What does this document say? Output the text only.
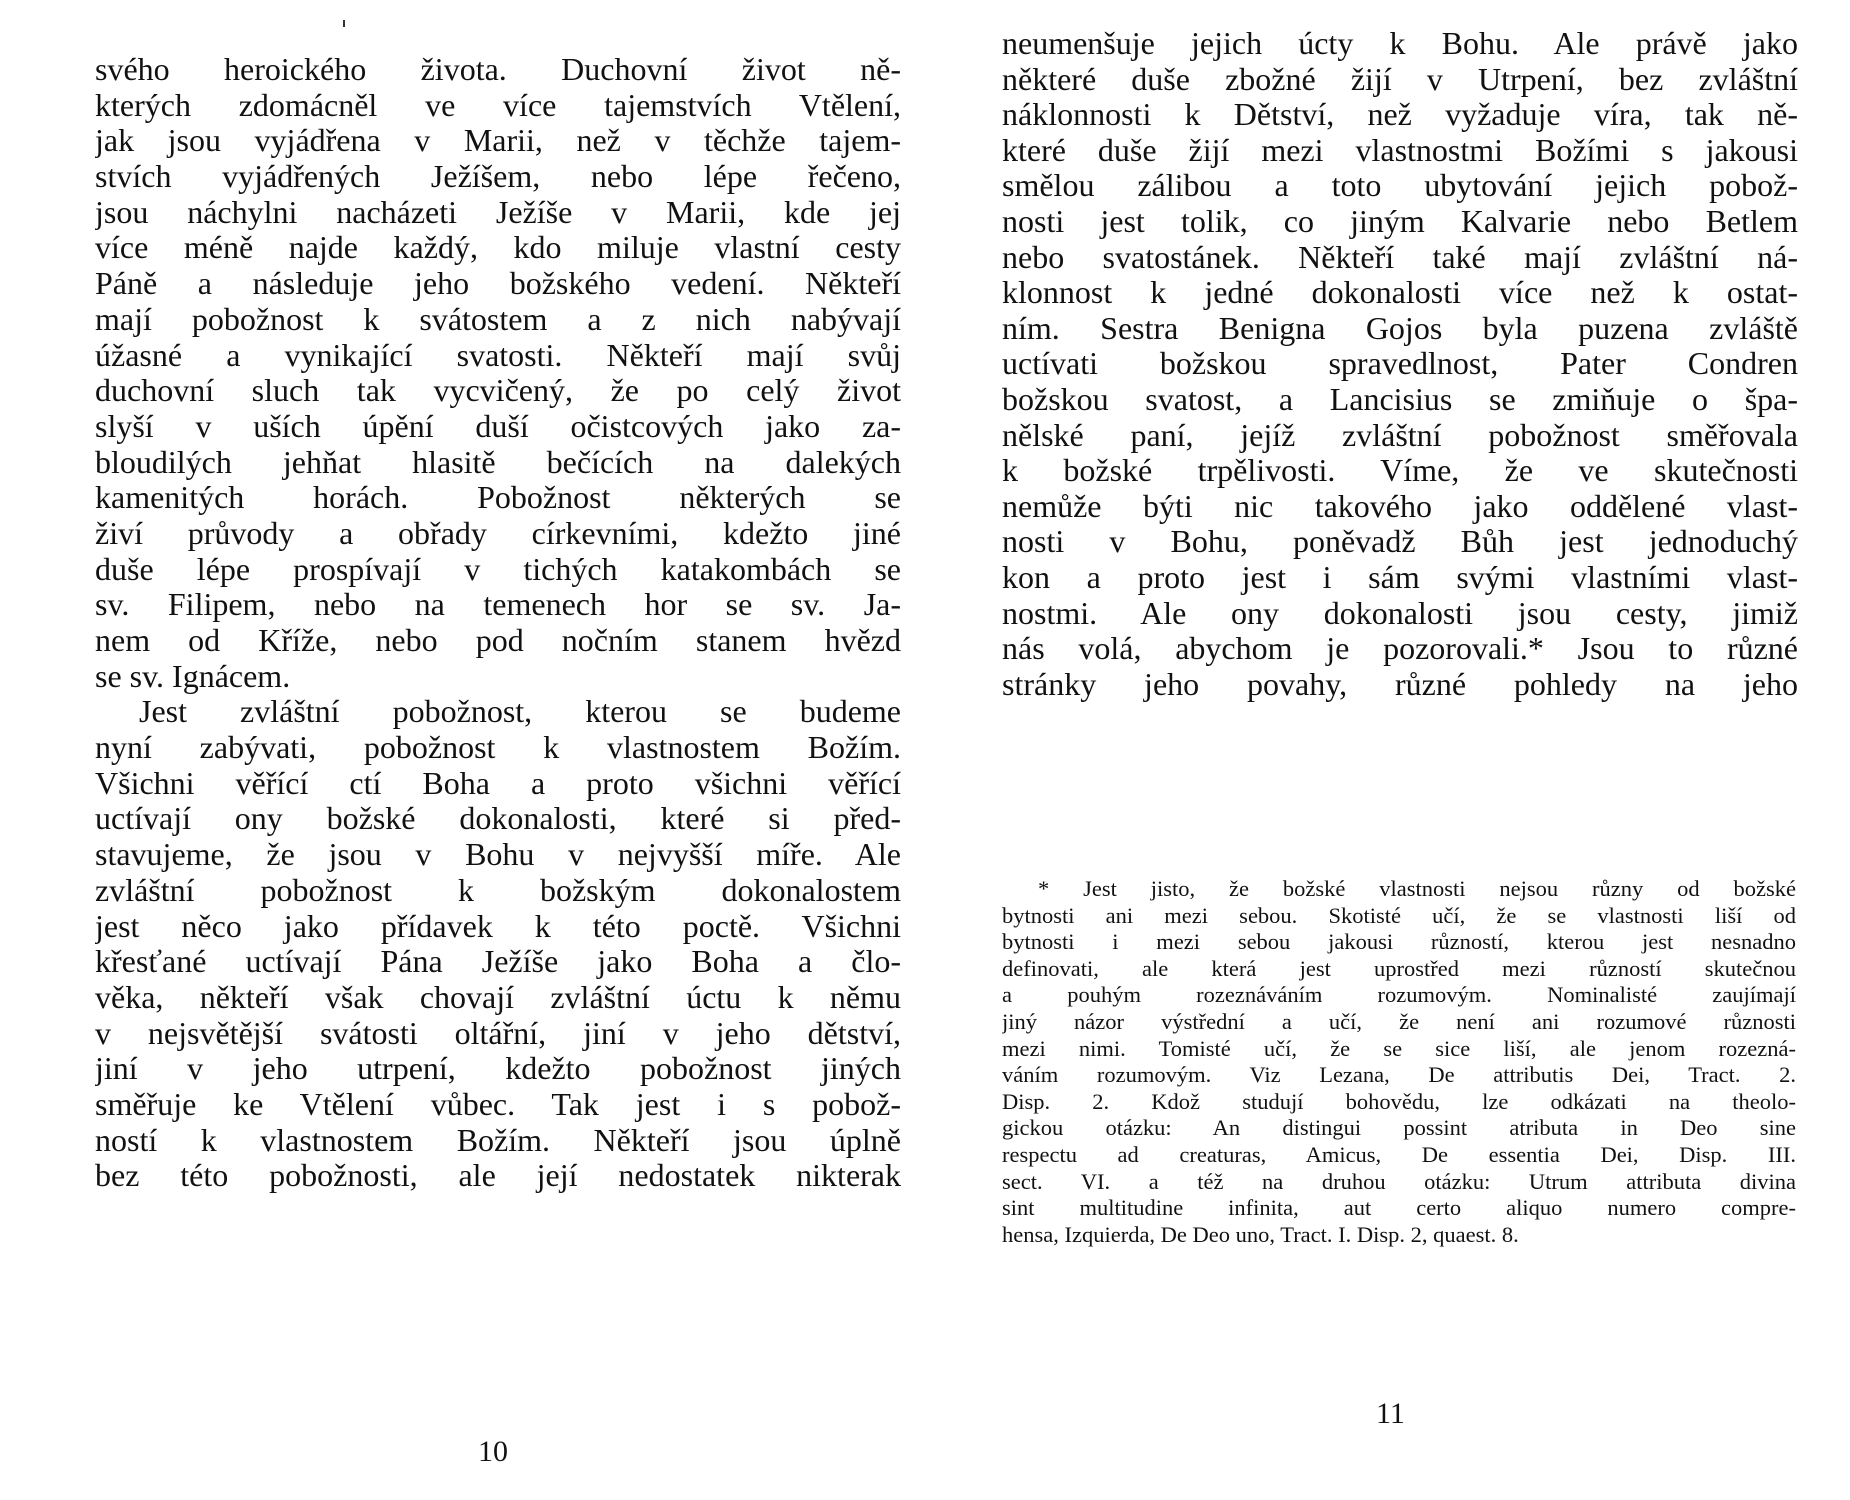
svého heroického života. Duchovní život ně-
kterých zdomácněl ve více tajemstvích Vtělení,
jak jsou vyjádřena v Marii, než v těchže tajem-
stvích vyjádřených Ježíšem, nebo lépe řečeno,
jsou náchylni nacházeti Ježíše v Marii, kde jej
více méně najde každý, kdo miluje vlastní cesty
Páně a následuje jeho božského vedení. Někteří
mají pobožnost k svátostem a z nich nabývají
úžasné a vynikající svatosti. Někteří mají svůj
duchovní sluch tak vycvičený, že po celý život
slyší v uších úpění duší očistcových jako za-
bloudilých jehňat hlasitě bečících na dalekých
kamenitých horách. Pobožnost některých se
živí průvody a obřady církevními, kdežto jiné
duše lépe prospívají v tichých katakombách se
sv. Filipem, nebo na temenech hor se sv. Ja-
nem od Kříže, nebo pod nočním stanem hvězd
se sv. Ignácem.
Jest zvláštní pobožnost, kterou se budeme
nyní zabývati, pobožnost k vlastnostem Božím.
Všichni věřící ctí Boha a proto všichni věřící
uctívají ony božské dokonalosti, které si před-
stavujeme, že jsou v Bohu v nejvyšší míře. Ale
zvláštní pobožnost k božským dokonalostem
jest něco jako přídavek k této poctě. Všichni
křesťané uctívají Pána Ježíše jako Boha a člo-
věka, někteří však chovají zvláštní úctu k němu
v nejsvětější svátosti oltářní, jiní v jeho dětství,
jiní v jeho utrpení, kdežto pobožnost jiných
směřuje ke Vtělení vůbec. Tak jest i s pobož-
ností k vlastnostem Božím. Někteří jsou úplně
bez této pobožnosti, ale její nedostatek nikterak
10
neumenšuje jejich úcty k Bohu. Ale právě jako
některé duše zbožné žijí v Utrpení, bez zvláštní
náklonnosti k Dětství, než vyžaduje víra, tak ně-
které duše žijí mezi vlastnostmi Božími s jakousi
smělou zálibou a toto ubytování jejich pobož-
nosti jest tolik, co jiným Kalvarie nebo Betlem
nebo svatostánek. Někteří také mají zvláštní ná-
klonnost k jedné dokonalosti více než k ostat-
ním. Sestra Benigna Gojos byla puzena zvláště
uctívati božskou spravedlnost, Pater Condren
božskou svatost, a Lancisius se zmiňuje o špa-
nělské paní, jejíž zvláštní pobožnost směřovala
k božské trpělivosti. Víme, že ve skutečnosti
nemůže býti nic takového jako oddělené vlast-
nosti v Bohu, poněvadž Bůh jest jednoduchý
kon a proto jest i sám svými vlastními vlast-
nostmi. Ale ony dokonalosti jsou cesty, jimiž
nás volá, abychom je pozorovali.* Jsou to různé
stránky jeho povahy, různé pohledy na jeho
* Jest jisto, že božské vlastnosti nejsou různy od božské
bytnosti ani mezi sebou. Skotisté učí, že se vlastnosti liší od
bytnosti i mezi sebou jakousi růzností, kterou jest nesnadno
definovati, ale která jest uprostřed mezi růzností skutečnou
a pouhým rozeznáváním rozumovým. Nominalisté zaujímají
jiný názor výstřední a učí, že není ani rozumové různosti
mezi nimi. Tomisté učí, že se sice liší, ale jenom rozezná-
váním rozumovým. Viz Lezana, De attributis Dei, Tract. 2.
Disp. 2. Kdož studují bohovědu, lze odkázati na theolo-
gickou otázku: An distingui possint atributa in Deo sine
respectu ad creaturas, Amicus, De essentia Dei, Disp. III.
sect. VI. a též na druhou otázku: Utrum attributa divina
sint multitudine infinita, aut certo aliquo numero compre-
hensa, Izquierda, De Deo uno, Tract. I. Disp. 2, quaest. 8.
11
